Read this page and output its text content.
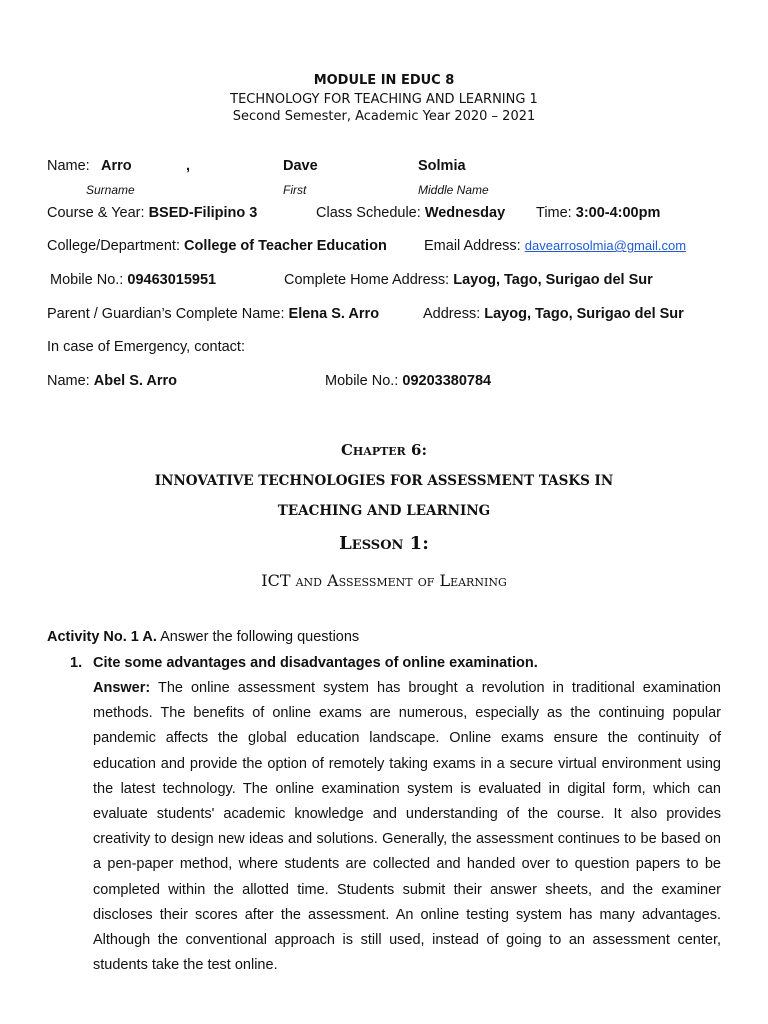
MODULE IN EDUC 8
TECHNOLOGY FOR TEACHING AND LEARNING 1
Second Semester, Academic Year 2020 – 2021
Name: Arro	,	Dave	Solmia
Surname	First	Middle Name
Course & Year: BSED-Filipino 3	Class Schedule: Wednesday Time: 3:00-4:00pm
College/Department: College of Teacher Education	Email Address: davearrosolmia@gmail.com
Mobile No.: 09463015951	Complete Home Address: Layog, Tago, Surigao del Sur
Parent / Guardian’s Complete Name: Elena S. Arro	Address: Layog, Tago, Surigao del Sur
In case of Emergency, contact:
Name: Abel S. Arro	Mobile No.: 09203380784
Chapter 6:
INNOVATIVE TECHNOLOGIES FOR ASSESSMENT TASKS IN
TEACHING AND LEARNING
Lesson 1:
ICT and Assessment of Learning
Activity No. 1 A. Answer the following questions
1. Cite some advantages and disadvantages of online examination.
Answer: The online assessment system has brought a revolution in traditional examination methods. The benefits of online exams are numerous, especially as the continuing popular pandemic affects the global education landscape. Online exams ensure the continuity of education and provide the option of remotely taking exams in a secure virtual environment using the latest technology. The online examination system is evaluated in digital form, which can evaluate students' academic knowledge and understanding of the course. It also provides creativity to design new ideas and solutions. Generally, the assessment continues to be based on a pen-paper method, where students are collected and handed over to question papers to be completed within the allotted time. Students submit their answer sheets, and the examiner discloses their scores after the assessment. An online testing system has many advantages. Although the conventional approach is still used, instead of going to an assessment center, students take the test online.
